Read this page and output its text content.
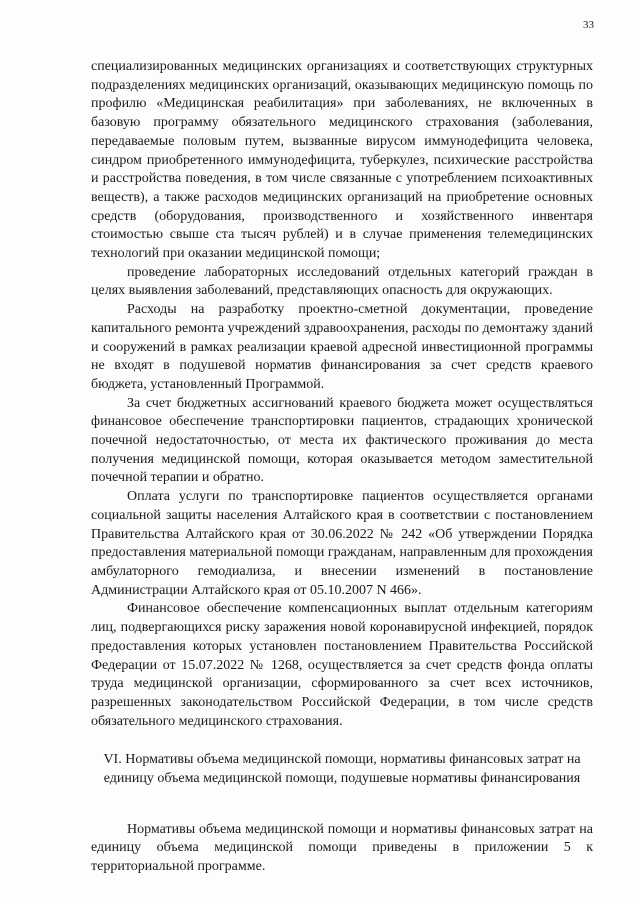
33

специализированных медицинских организациях и соответствующих структурных подразделениях медицинских организаций, оказывающих медицинскую помощь по профилю «Медицинская реабилитация» при заболеваниях, не включенных в базовую программу обязательного медицинского страхования (заболевания, передаваемые половым путем, вызванные вирусом иммунодефицита человека, синдром приобретенного иммунодефицита, туберкулез, психические расстройства и расстройства поведения, в том числе связанные с употреблением психоактивных веществ), а также расходов медицинских организаций на приобретение основных средств (оборудования, производственного и хозяйственного инвентаря стоимостью свыше ста тысяч рублей) и в случае применения телемедицинских технологий при оказании медицинской помощи;

проведение лабораторных исследований отдельных категорий граждан в целях выявления заболеваний, представляющих опасность для окружающих.

Расходы на разработку проектно-сметной документации, проведение капитального ремонта учреждений здравоохранения, расходы по демонтажу зданий и сооружений в рамках реализации краевой адресной инвестиционной программы не входят в подушевой норматив финансирования за счет средств краевого бюджета, установленный Программой.

За счет бюджетных ассигнований краевого бюджета может осуществляться финансовое обеспечение транспортировки пациентов, страдающих хронической почечной недостаточностью, от места их фактического проживания до места получения медицинской помощи, которая оказывается методом заместительной почечной терапии и обратно.

Оплата услуги по транспортировке пациентов осуществляется органами социальной защиты населения Алтайского края в соответствии с постановлением Правительства Алтайского края от 30.06.2022 № 242 «Об утверждении Порядка предоставления материальной помощи гражданам, направленным для прохождения амбулаторного гемодиализа, и внесении изменений в постановление Администрации Алтайского края от 05.10.2007 N 466».

Финансовое обеспечение компенсационных выплат отдельным категориям лиц, подвергающихся риску заражения новой коронавирусной инфекцией, порядок предоставления которых установлен постановлением Правительства Российской Федерации от 15.07.2022 № 1268, осуществляется за счет средств фонда оплаты труда медицинской организации, сформированного за счет всех источников, разрешенных законодательством Российской Федерации, в том числе средств обязательного медицинского страхования.

VI. Нормативы объема медицинской помощи, нормативы финансовых затрат на единицу объема медицинской помощи, подушевые нормативы финансирования

Нормативы объема медицинской помощи и нормативы финансовых затрат на единицу объема медицинской помощи приведены в приложении 5 к территориальной программе.
